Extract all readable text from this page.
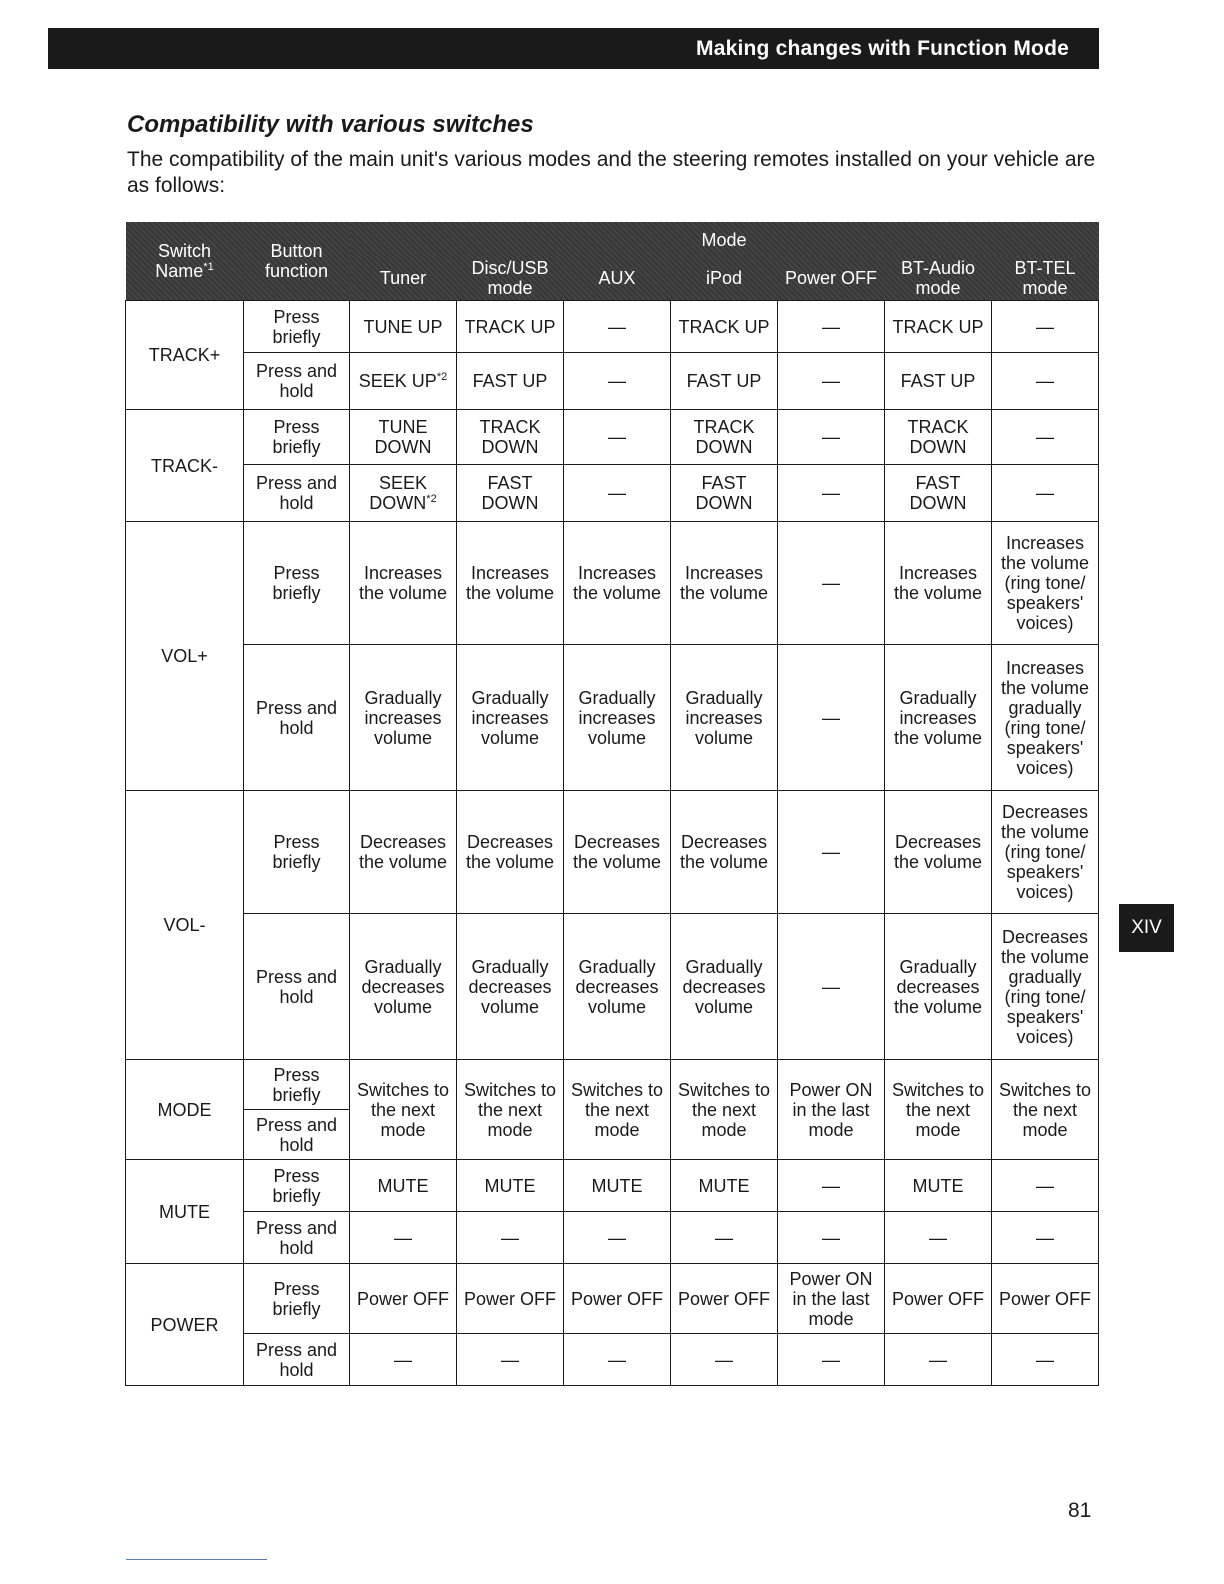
Making changes with Function Mode
Compatibility with various switches

The compatibility of the main unit's various modes and the steering remotes installed on your vehicle are as follows:

Switch Name$^{*1}$	Button function	Mode						
		Tuner	Disc/USB mode	AUX	iPod	Power OFF	BT-Audio mode	BT-TEL mode
TRACK+	Press briefly	TUNE UP	TRACK UP	—	TRACK UP	—	TRACK UP	—
	Press and hold	SEEK UP$^{*2}$	FAST UP	—	FAST UP	—	FAST UP	—
TRACK-	Press briefly	TUNE DOWN	TRACK DOWN	—	TRACK DOWN	—	TRACK DOWN	—
	Press and hold	SEEK DOWN$^{*2}$	FAST DOWN	—	FAST DOWN	—	FAST DOWN	—
VOL+	Press briefly	Increases the volume	Increases the volume	Increases the volume	Increases the volume	—	Increases the volume	Increases the volume (ring tone/ speakers' voices)
	Press and hold	Gradually increases volume	Gradually increases volume	Gradually increases volume	Gradually increases volume	—	Gradually increases the volume	Increases the volume gradually (ring tone/ speakers' voices)
VOL-	Press briefly	Decreases the volume	Decreases the volume	Decreases the volume	Decreases the volume	—	Decreases the volume	Decreases the volume (ring tone/ speakers' voices)
	Press and hold	Gradually decreases volume	Gradually decreases volume	Gradually decreases volume	Gradually decreases volume	—	Gradually decreases the volume	Decreases the volume gradually (ring tone/ speakers' voices)
MODE	Press briefly	Switches to the next mode	Switches to the next mode	Switches to the next mode	Switches to the next mode	Power ON in the last mode	Switches to the next mode	Switches to the next mode
	Press and hold							
MUTE	Press briefly	MUTE	MUTE	MUTE	MUTE	—	MUTE	—
	Press and hold	—	—	—	—	—	—	—
POWER	Press briefly	Power OFF	Power OFF	Power OFF	Power OFF	Power ON in the last mode	Power OFF	Power OFF
	Press and hold	—	—	—	—	—	—	—
XIV
81
